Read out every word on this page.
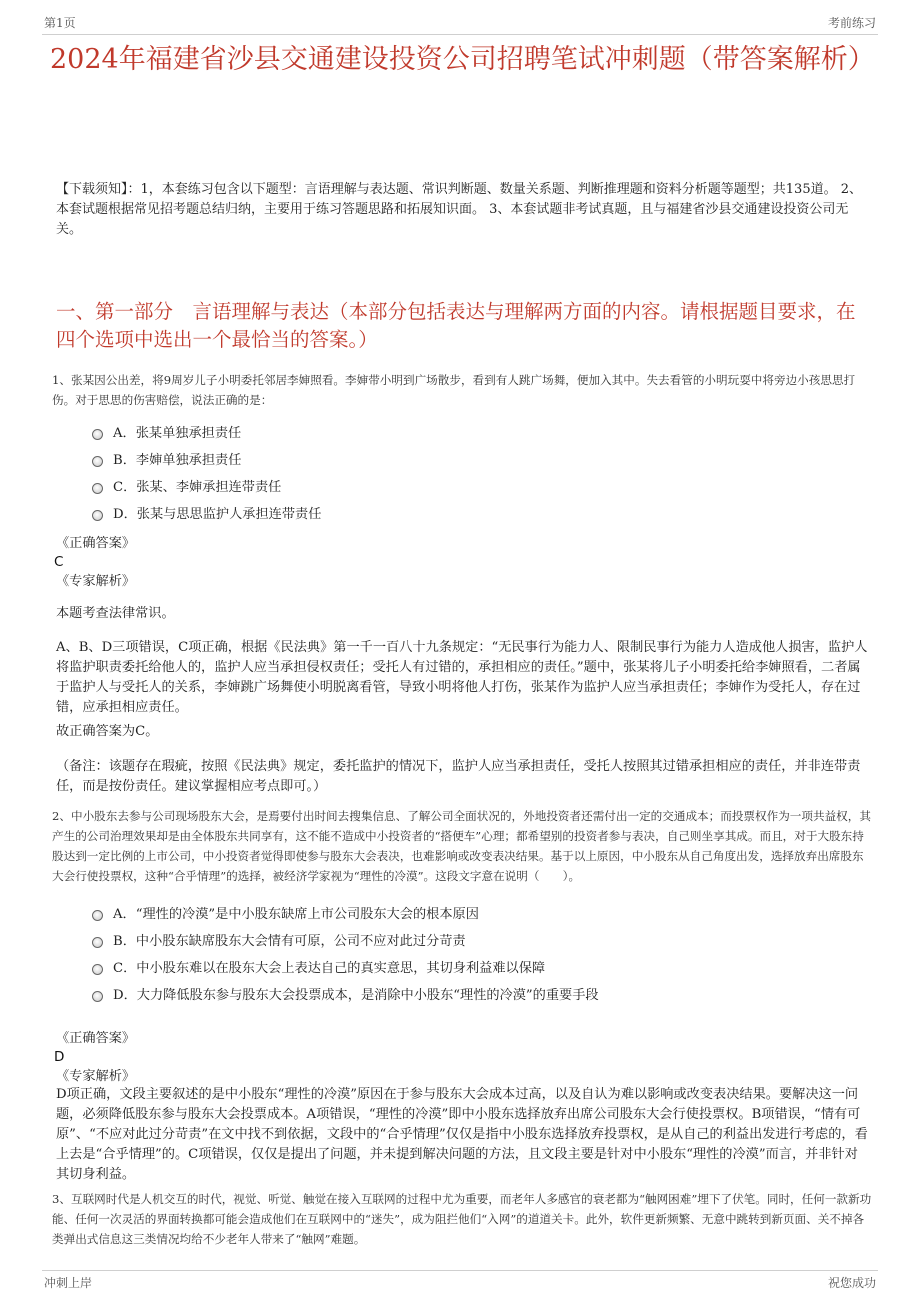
第1页	考前练习
2024年福建省沙县交通建设投资公司招聘笔试冲刺题（带答案解析）
【下载须知】：1，本套练习包含以下题型：言语理解与表达题、常识判断题、数量关系题、判断推理题和资料分析题等题型；共135道。 2、本套试题根据常见招考题总结归纳，主要用于练习答题思路和拓展知识面。 3、本套试题非考试真题，且与福建省沙县交通建设投资公司无关。
一、第一部分　言语理解与表达（本部分包括表达与理解两方面的内容。请根据题目要求，在四个选项中选出一个最恰当的答案。）
1、张某因公出差，将9周岁儿子小明委托邻居李婶照看。李婶带小明到广场散步，看到有人跳广场舞，便加入其中。失去看管的小明玩耍中将旁边小孩思思打伤。对于思思的伤害赔偿，说法正确的是：
A．张某单独承担责任
B．李婶单独承担责任
C．张某、李婶承担连带责任
D．张某与思思监护人承担连带责任
《正确答案》
C
《专家解析》
本题考查法律常识。
A、B、D三项错误，C项正确，根据《民法典》第一千一百八十九条规定：“无民事行为能力人、限制民事行为能力人造成他人损害，监护人将监护职责委托给他人的，监护人应当承担侵权责任；受托人有过错的，承担相应的责任。”题中，张某将儿子小明委托给李婶照看，二者属于监护人与受托人的关系，李婶跳广场舞使小明脱离看管，导致小明将他人打伤，张某作为监护人应当承担责任；李婶作为受托人，存在过错，应承担相应责任。
故正确答案为C。
（备注：该题存在瑕疵，按照《民法典》规定，委托监护的情况下，监护人应当承担责任，受托人按照其过错承担相应的责任，并非连带责任，而是按份责任。建议掌握相应考点即可。）
2、中小股东去参与公司现场股东大会，是焉要付出时间去搜集信息、了解公司全面状况的，外地投资者还需付出一定的交通成本；而投票权作为一项共益权，其产生的公司治理效果却是由全体股东共同享有，这不能不造成中小投资者的“搭便车”心理；都希望别的投资者参与表决，自己则坐享其成。而且，对于大股东持股达到一定比例的上市公司，中小投资者觉得即使参与股东大会表决，也难影响或改变表决结果。基于以上原因，中小股东从自己角度出发，选择放弃出席股东大会行使投票权，这种“合乎情理”的选择，被经济学家视为“理性的冷漠”。这段文字意在说明（　　）。
A．“理性的冷漠”是中小股东缺席上市公司股东大会的根本原因
B．中小股东缺席股东大会情有可原，公司不应对此过分苛责
C．中小股东难以在股东大会上表达自己的真实意思，其切身利益难以保障
D．大力降低股东参与股东大会投票成本，是消除中小股东“理性的冷漠”的重要手段
《正确答案》
D
《专家解析》
D项正确，文段主要叙述的是中小股东“理性的冷漠”原因在于参与股东大会成本过高，以及自认为难以影响或改变表决结果。要解决这一问题，必须降低股东参与股东大会投票成本。A项错误，“理性的冷漠”即中小股东选择放弃出席公司股东大会行使投票权。B项错误，“情有可原”、“不应对此过分苛责”在文中找不到依据，文段中的“合乎情理”仅仅是指中小股东选择放弃投票权，是从自己的利益出发进行考虑的，看上去是“合乎情理”的。C项错误，仅仅是提出了问题，并未提到解决问题的方法，且文段主要是针对中小股东“理性的冷漠”而言，并非针对其切身利益。
3、互联网时代是人机交互的时代，视觉、听觉、触觉在接入互联网的过程中尤为重要，而老年人多感官的衰老都为“触网困难”埋下了伏笔。同时，任何一款新功能、任何一次灵活的界面转换都可能会造成他们在互联网中的“迷失”，成为阻拦他们“入网”的道道关卡。此外，软件更新频繁、无意中跳转到新页面、关不掉各类弹出式信息这三类情况均给不少老年人带来了“触网”难题。
冲刺上岸	祝您成功
